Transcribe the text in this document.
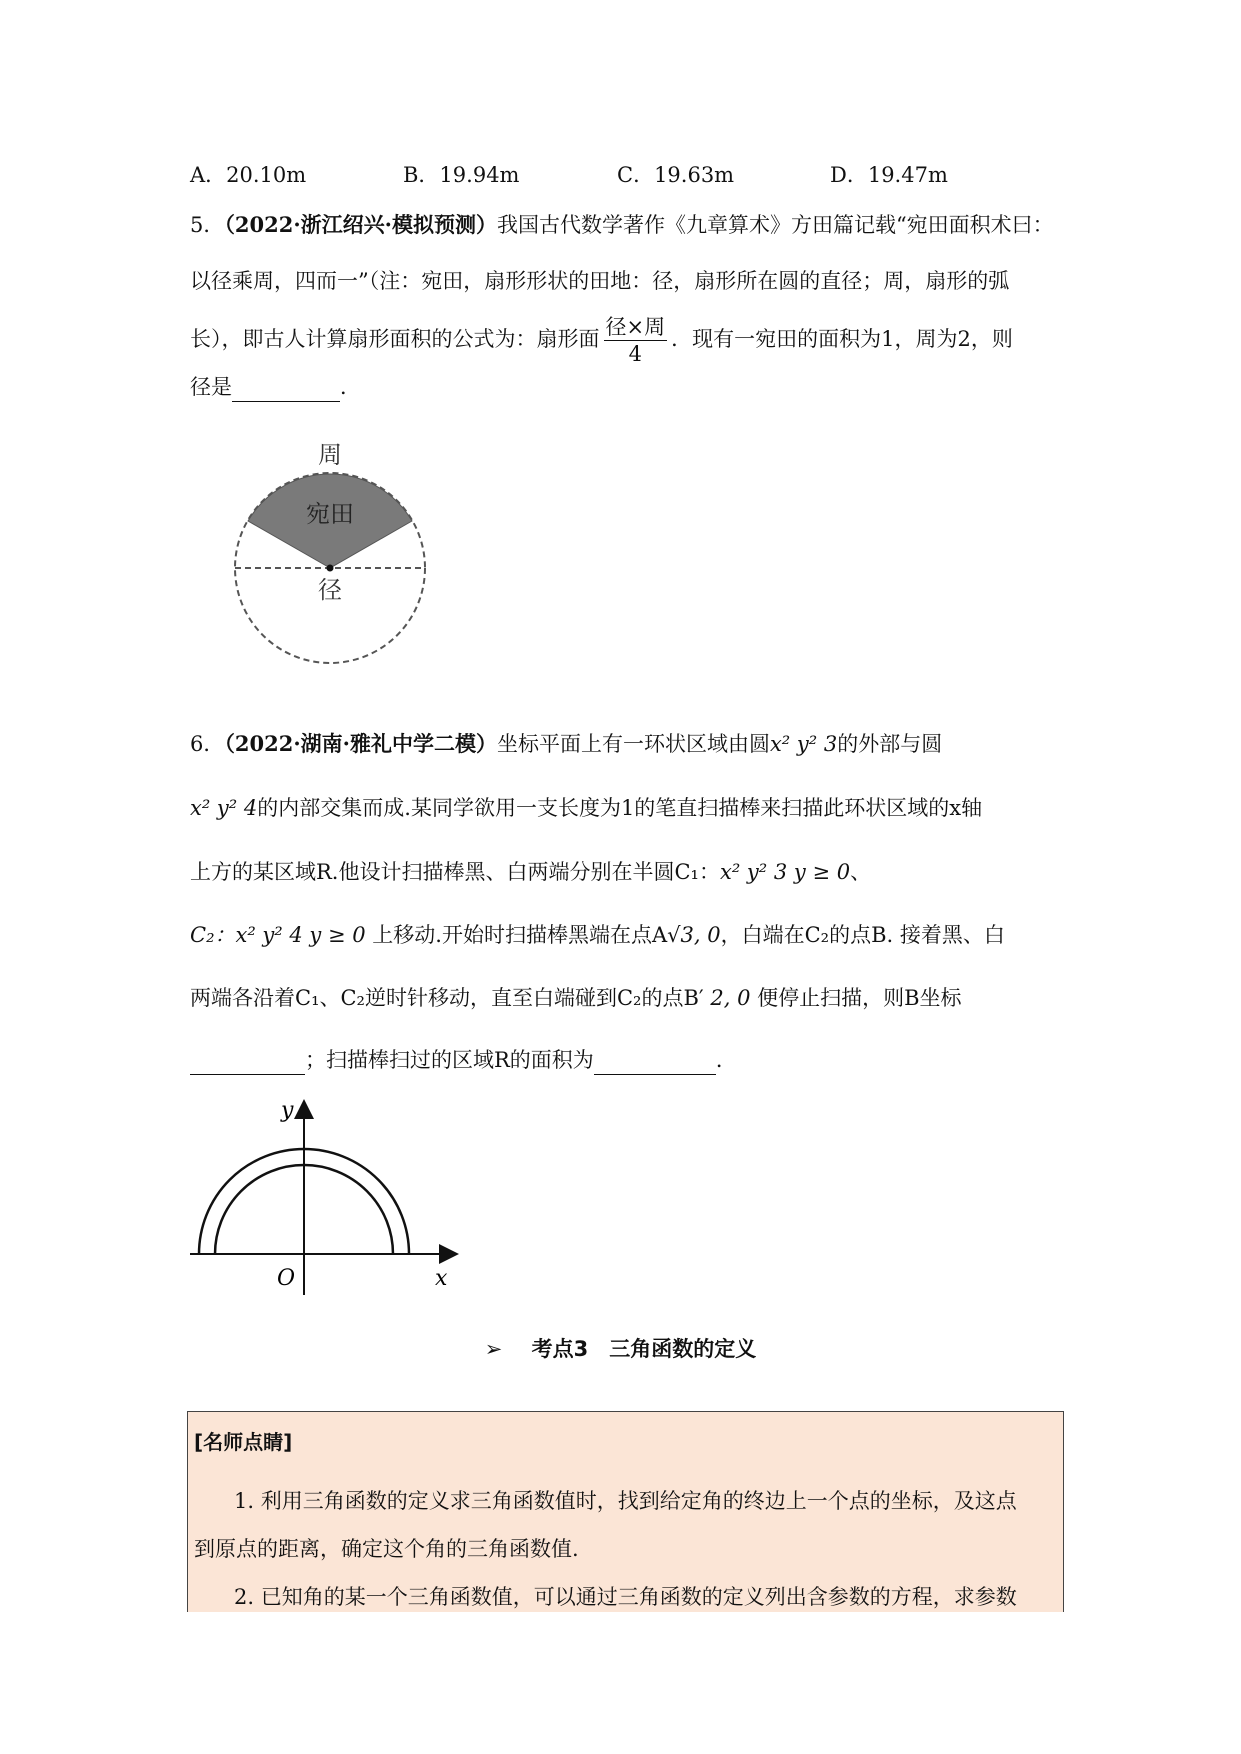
A．20.10m	B．19.94m	C．19.63m	D．19.47m
5．（2022·浙江绍兴·模拟预测）我国古代数学著作《九章算术》方田篇记载“宛田面积术曰：
以径乘周，四而一”（注：宛田，扇形形状的田地：径，扇形所在圆的直径；周，扇形的弧
长），即古人计算扇形面积的公式为：扇形面 $\frac{\text{径×周}}{4}$ ．现有一宛田的面积为1，周为2，则
径是	．
周
宛田
径
6．（2022·湖南·雅礼中学二模）坐标平面上有一环状区域由圆x² y² 3的外部与圆
x² y² 4的内部交集而成.某同学欲用一支长度为1的笔直扫描棒来扫描此环状区域的x轴
上方的某区域R.他设计扫描棒黑、白两端分别在半圆C₁：x² y² 3 y ≥ 0、
C₂：x² y² 4 y ≥ 0 上移动.开始时扫描棒黑端在点A√3, 0，白端在C₂的点B. 接着黑、白
两端各沿着C₁、C₂逆时针移动，直至白端碰到C₂的点B′ 2, 0 便停止扫描，则B坐标
；扫描棒扫过的区域R的面积为	．
y
x
O
➢ 考点3　三角函数的定义
[名师点睛]
1. 利用三角函数的定义求三角函数值时，找到给定角的终边上一个点的坐标，及这点
到原点的距离，确定这个角的三角函数值.
2. 已知角的某一个三角函数值，可以通过三角函数的定义列出含参数的方程，求参数
